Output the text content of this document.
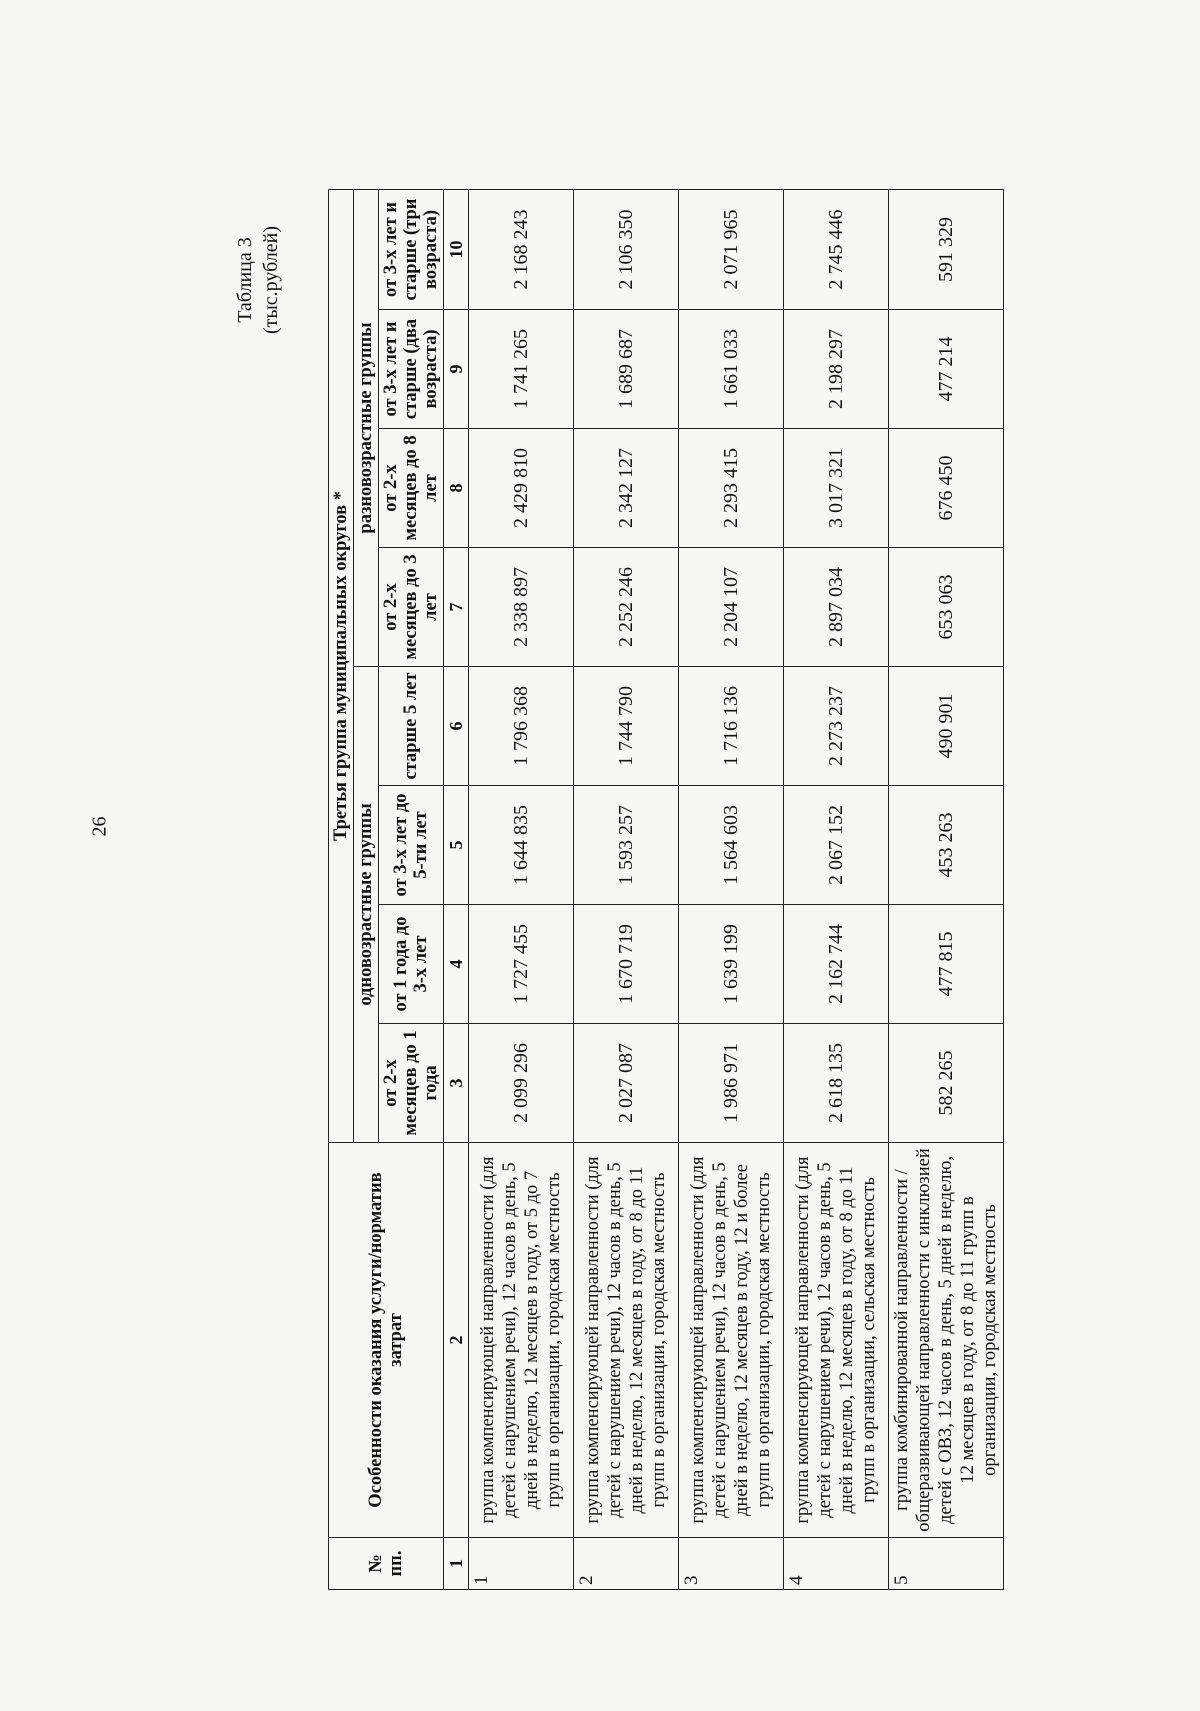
26
Таблица 3 (тыс.рублей)
№ пп.	Особенности оказания услуги/норматив затрат	Третья группа муниципальных округов *							
		одновозрастные группы				разновозрастные группы			
		от 2-х месяцев до 1 года	от 1 года до 3-х лет	от 3-х лет до 5-ти лет	старше 5 лет	от 2-х месяцев до 3 лет	от 2-х месяцев до 8 лет	от 3-х лет и старше (два возраста)	от 3-х лет и старше (три возраста)
1	2	3	4	5	6	7	8	9	10
1	группа компенсирующей направленности (для детей с нарушением речи), 12 часов в день, 5 дней в неделю, 12 месяцев в году, от 5 до 7 групп в организации, городская местность	2 099 296	1 727 455	1 644 835	1 796 368	2 338 897	2 429 810	1 741 265	2 168 243
2	группа компенсирующей направленности (для детей с нарушением речи), 12 часов в день, 5 дней в неделю, 12 месяцев в году, от 8 до 11 групп в организации, городская местность	2 027 087	1 670 719	1 593 257	1 744 790	2 252 246	2 342 127	1 689 687	2 106 350
3	группа компенсирующей направленности (для детей с нарушением речи), 12 часов в день, 5 дней в неделю, 12 месяцев в году, 12 и более групп в организации, городская местность	1 986 971	1 639 199	1 564 603	1 716 136	2 204 107	2 293 415	1 661 033	2 071 965
4	группа компенсирующей направленности (для детей с нарушением речи), 12 часов в день, 5 дней в неделю, 12 месяцев в году, от 8 до 11 групп в организации, сельская местность	2 618 135	2 162 744	2 067 152	2 273 237	2 897 034	3 017 321	2 198 297	2 745 446
5	группа комбинированной направленности / общеразвивающей направленности с инклюзией детей с ОВЗ, 12 часов в день, 5 дней в неделю, 12 месяцев в году, от 8 до 11 групп в организации, городская местность	582 265	477 815	453 263	490 901	653 063	676 450	477 214	591 329
